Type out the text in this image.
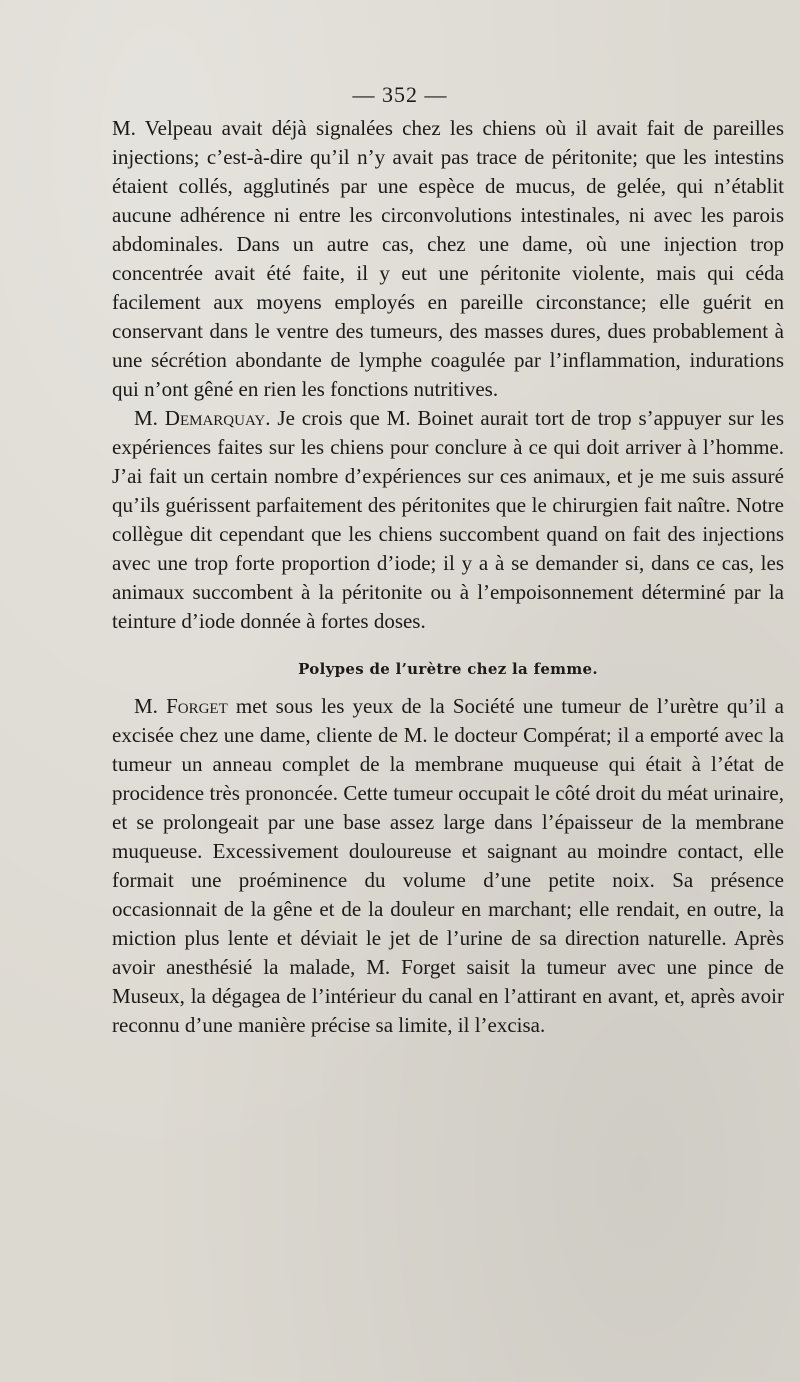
— 352 —

M. Velpeau avait déjà signalées chez les chiens où il avait fait de pareilles injections; c’est-à-dire qu’il n’y avait pas trace de péritonite; que les intestins étaient collés, agglutinés par une espèce de mucus, de gelée, qui n’établit aucune adhérence ni entre les circonvolutions intestinales, ni avec les parois abdominales. Dans un autre cas, chez une dame, où une injection trop concentrée avait été faite, il y eut une péritonite violente, mais qui céda facilement aux moyens employés en pareille circonstance; elle guérit en conservant dans le ventre des tumeurs, des masses dures, dues probablement à une sécrétion abondante de lymphe coagulée par l’inflammation, indurations qui n’ont gêné en rien les fonctions nutritives.

M. Demarquay. Je crois que M. Boinet aurait tort de trop s’appuyer sur les expériences faites sur les chiens pour conclure à ce qui doit arriver à l’homme. J’ai fait un certain nombre d’expériences sur ces animaux, et je me suis assuré qu’ils guérissent parfaitement des péritonites que le chirurgien fait naître. Notre collègue dit cependant que les chiens succombent quand on fait des injections avec une trop forte proportion d’iode; il y a à se demander si, dans ce cas, les animaux succombent à la péritonite ou à l’empoisonnement déterminé par la teinture d’iode donnée à fortes doses.

Polypes de l’urètre chez la femme.

M. Forget met sous les yeux de la Société une tumeur de l’urètre qu’il a excisée chez une dame, cliente de M. le docteur Compérat; il a emporté avec la tumeur un anneau complet de la membrane muqueuse qui était à l’état de procidence très prononcée. Cette tumeur occupait le côté droit du méat urinaire, et se prolongeait par une base assez large dans l’épaisseur de la membrane muqueuse. Excessivement douloureuse et saignant au moindre contact, elle formait une proéminence du volume d’une petite noix. Sa présence occasionnait de la gêne et de la douleur en marchant; elle rendait, en outre, la miction plus lente et déviait le jet de l’urine de sa direction naturelle. Après avoir anesthésié la malade, M. Forget saisit la tumeur avec une pince de Museux, la dégagea de l’intérieur du canal en l’attirant en avant, et, après avoir reconnu d’une manière précise sa limite, il l’excisa.
